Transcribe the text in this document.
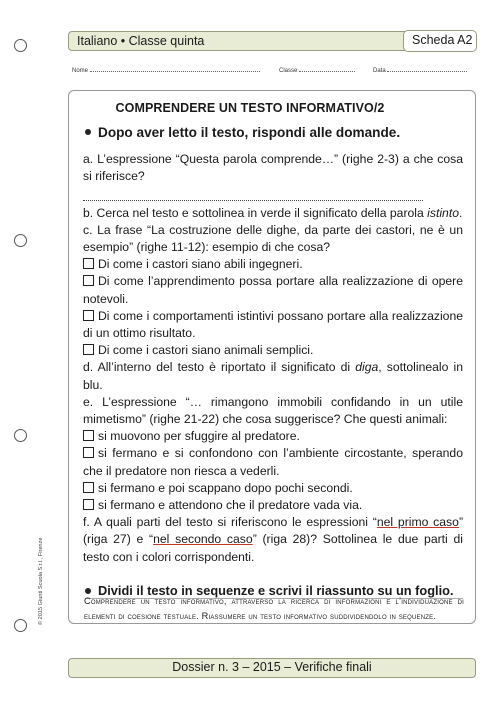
Italiano • Classe quinta	Scheda A2
Nome	Classe	Data
COMPRENDERE UN TESTO INFORMATIVO/2
Dopo aver letto il testo, rispondi alle domande.

a. L’espressione “Questa parola comprende…” (righe 2-3) a che cosa si riferisce?

b. Cerca nel testo e sottolinea in verde il significato della parola istinto.

c. La frase “La costruzione delle dighe, da parte dei castori, ne è un esempio” (righe 11-12): esempio di che cosa?

Di come i castori siano abili ingegneri.

Di come l’apprendimento possa portare alla realizzazione di opere notevoli.

Di come i comportamenti istintivi possano portare alla realizzazione di un ottimo risultato.

Di come i castori siano animali semplici.

d. All’interno del testo è riportato il significato di diga, sottolinealo in blu.

e. L’espressione “… rimangono immobili confidando in un utile mimetismo” (righe 21-22) che cosa suggerisce? Che questi animali:

si muovono per sfuggire al predatore.

si fermano e si confondono con l’ambiente circostante, sperando che il predatore non riesca a vederli.

si fermano e poi scappano dopo pochi secondi.

si fermano e attendono che il predatore vada via.

f. A quali parti del testo si riferiscono le espressioni “nel primo caso” (riga 27) e “nel secondo caso” (riga 28)? Sottolinea le due parti di testo con i colori corrispondenti.

Dividi il testo in sequenze e scrivi il riassunto su un foglio.
Comprendere un testo informativo, attraverso la ricerca di informazioni e l’individuazione di elementi di coesione testuale. Riassumere un testo informativo suddividendolo in sequenze.
© 2015 Giunti Scuola S.r.l., Firenze
Dossier n. 3 – 2015 – Verifiche finali
